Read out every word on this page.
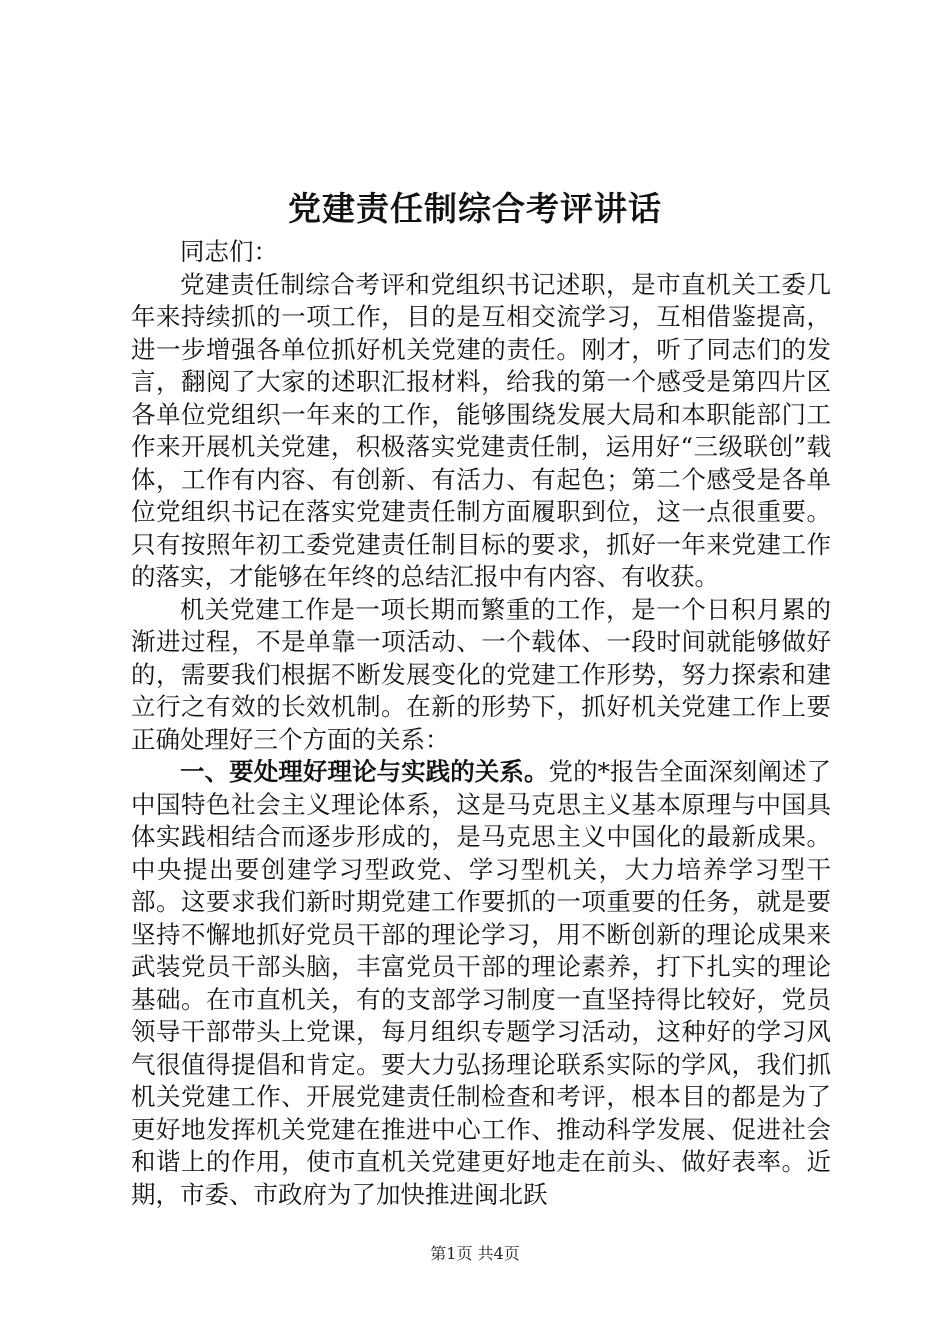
党建责任制综合考评讲话

同志们：

党建责任制综合考评和党组织书记述职，是市直机关工委几年来持续抓的一项工作，目的是互相交流学习，互相借鉴提高，进一步增强各单位抓好机关党建的责任。刚才，听了同志们的发言，翻阅了大家的述职汇报材料，给我的第一个感受是第四片区各单位党组织一年来的工作，能够围绕发展大局和本职能部门工作来开展机关党建，积极落实党建责任制，运用好“三级联创”载体，工作有内容、有创新、有活力、有起色；第二个感受是各单位党组织书记在落实党建责任制方面履职到位，这一点很重要。只有按照年初工委党建责任制目标的要求，抓好一年来党建工作的落实，才能够在年终的总结汇报中有内容、有收获。

机关党建工作是一项长期而繁重的工作，是一个日积月累的渐进过程，不是单靠一项活动、一个载体、一段时间就能够做好的，需要我们根据不断发展变化的党建工作形势，努力探索和建立行之有效的长效机制。在新的形势下，抓好机关党建工作上要正确处理好三个方面的关系：

一、要处理好理论与实践的关系。党的*报告全面深刻阐述了中国特色社会主义理论体系，这是马克思主义基本原理与中国具体实践相结合而逐步形成的，是马克思主义中国化的最新成果。中央提出要创建学习型政党、学习型机关，大力培养学习型干部。这要求我们新时期党建工作要抓的一项重要的任务，就是要坚持不懈地抓好党员干部的理论学习，用不断创新的理论成果来武装党员干部头脑，丰富党员干部的理论素养，打下扎实的理论基础。在市直机关，有的支部学习制度一直坚持得比较好，党员领导干部带头上党课，每月组织专题学习活动，这种好的学习风气很值得提倡和肯定。要大力弘扬理论联系实际的学风，我们抓机关党建工作、开展党建责任制检查和考评，根本目的都是为了更好地发挥机关党建在推进中心工作、推动科学发展、促进社会和谐上的作用，使市直机关党建更好地走在前头、做好表率。近期，市委、市政府为了加快推进闽北跃

第1页 共4页
